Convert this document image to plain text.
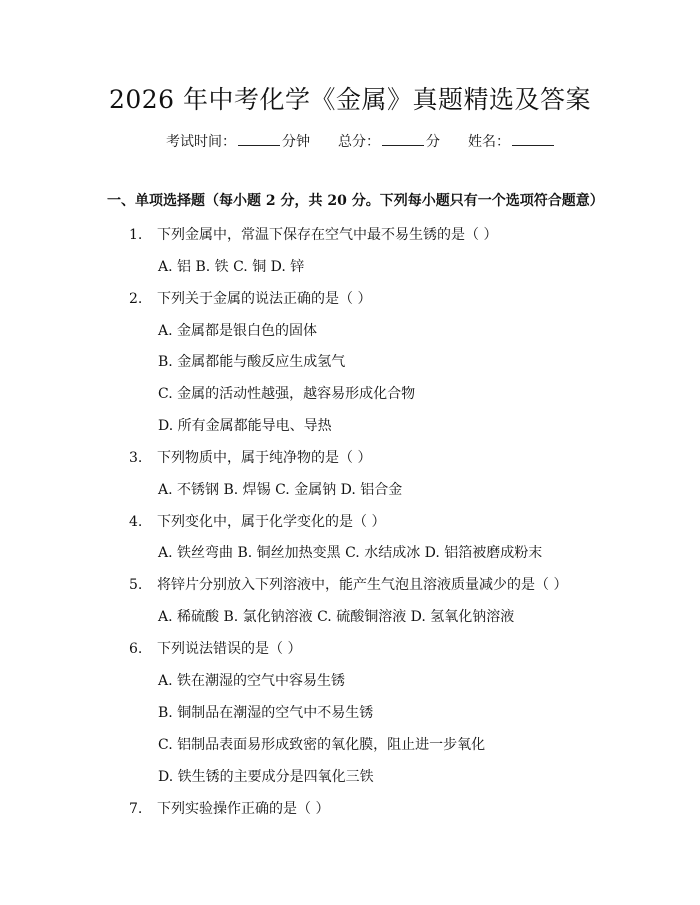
2026 年中考化学《金属》真题精选及答案
考试时间：	分钟 总分：	分 姓名：
一、单项选择题（每小题 2 分，共 20 分。下列每小题只有一个选项符合题意）
1. 下列金属中，常温下保存在空气中最不易生锈的是（ ）
A. 铝 B. 铁 C. 铜 D. 锌
2. 下列关于金属的说法正确的是（ ）
A. 金属都是银白色的固体
B. 金属都能与酸反应生成氢气
C. 金属的活动性越强，越容易形成化合物
D. 所有金属都能导电、导热
3. 下列物质中，属于纯净物的是（ ）
A. 不锈钢 B. 焊锡 C. 金属钠 D. 铝合金
4. 下列变化中，属于化学变化的是（ ）
A. 铁丝弯曲 B. 铜丝加热变黑 C. 水结成冰 D. 铝箔被磨成粉末
5. 将锌片分别放入下列溶液中，能产生气泡且溶液质量减少的是（ ）
A. 稀硫酸 B. 氯化钠溶液 C. 硫酸铜溶液 D. 氢氧化钠溶液
6. 下列说法错误的是（ ）
A. 铁在潮湿的空气中容易生锈
B. 铜制品在潮湿的空气中不易生锈
C. 铝制品表面易形成致密的氧化膜，阻止进一步氧化
D. 铁生锈的主要成分是四氧化三铁
7. 下列实验操作正确的是（ ）
